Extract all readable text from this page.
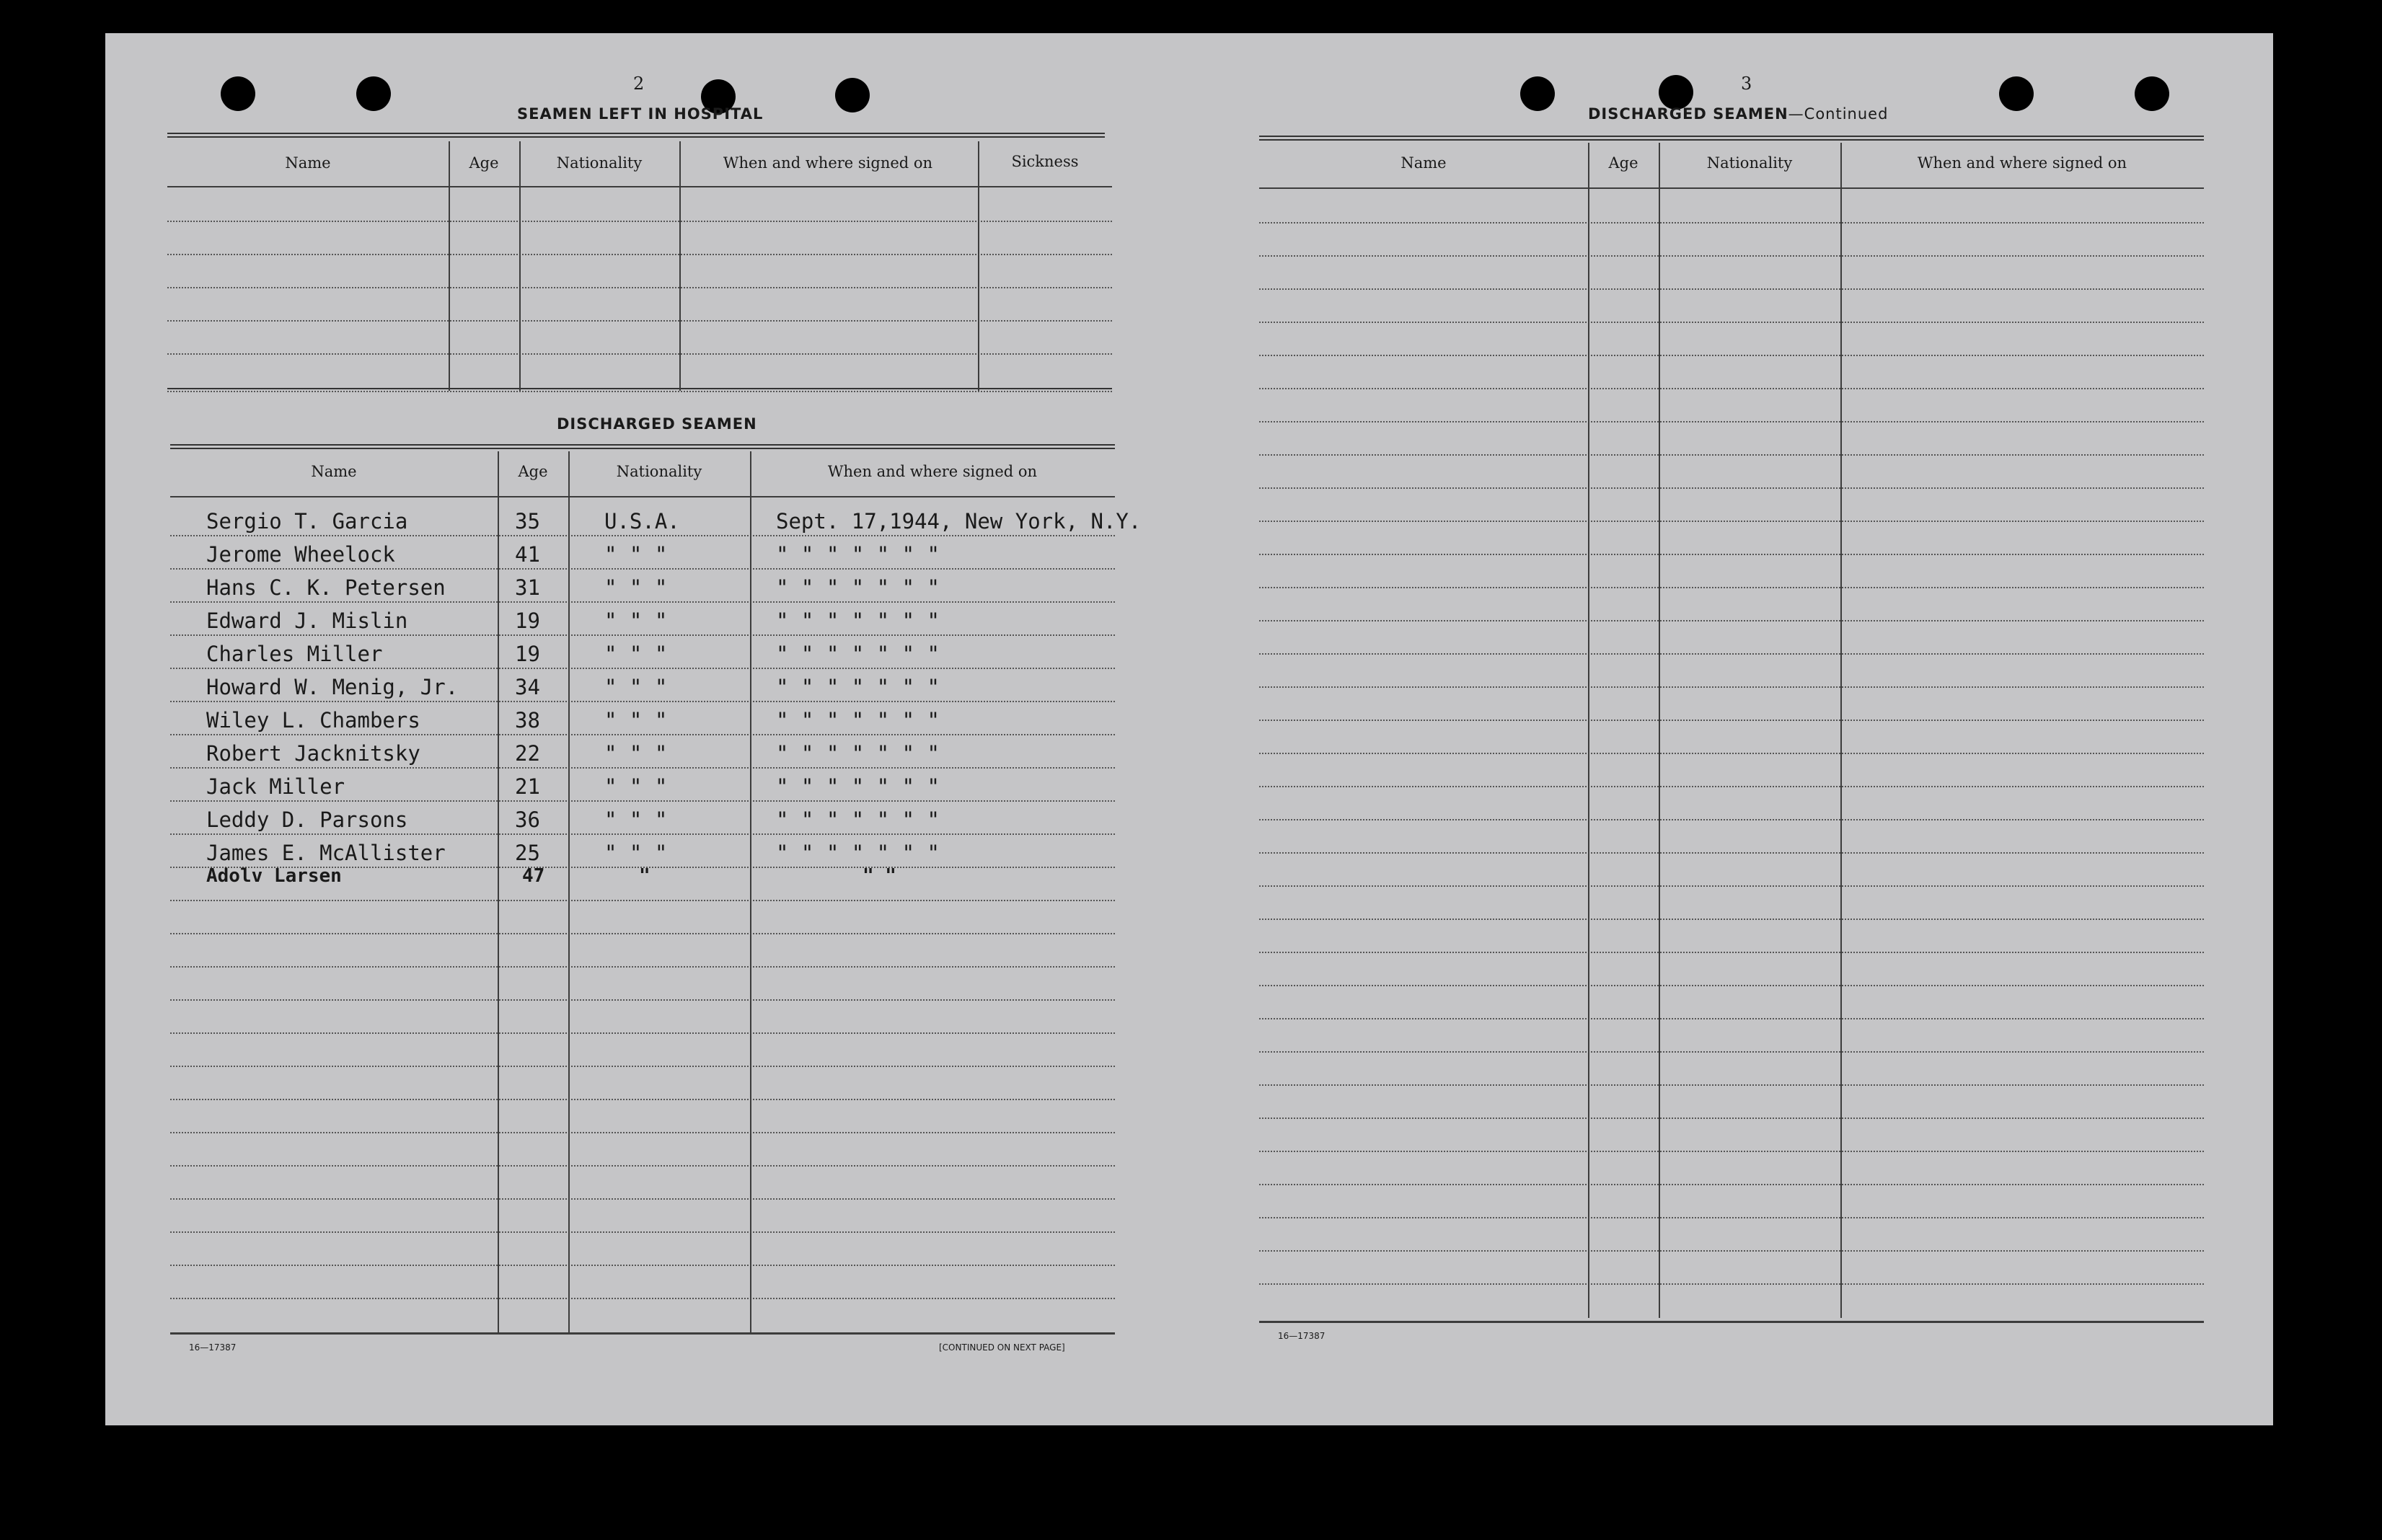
2
SEAMEN LEFT IN HOSPITAL
Name	Age	Nationality	When and where signed on	Sickness
DISCHARGED SEAMEN
Name	Age	Nationality	When and where signed on
Sergio T. Garcia	35	U.S.A.	Sept. 17,1944, New York, N.Y.
Jerome Wheelock	41	" " "	" " " " " " "
Hans C. K. Petersen	31	" " "	" " " " " " "
Edward J. Mislin	19	" " "	" " " " " " "
Charles Miller	19	" " "	" " " " " " "
Howard W. Menig, Jr.	34	" " "	" " " " " " "
Wiley L. Chambers	38	" " "	" " " " " " "
Robert Jacknitsky	22	" " "	" " " " " " "
Jack Miller	21	" " "	" " " " " " "
Leddy D. Parsons	36	" " "	" " " " " " "
James E. McAllister	25	" " "	" " " " " " "
Adolv Larsen	47	"	" "
16—17387	[CONTINUED ON NEXT PAGE]
3
DISCHARGED SEAMEN—Continued
Name	Age	Nationality	When and where signed on
16—17387
